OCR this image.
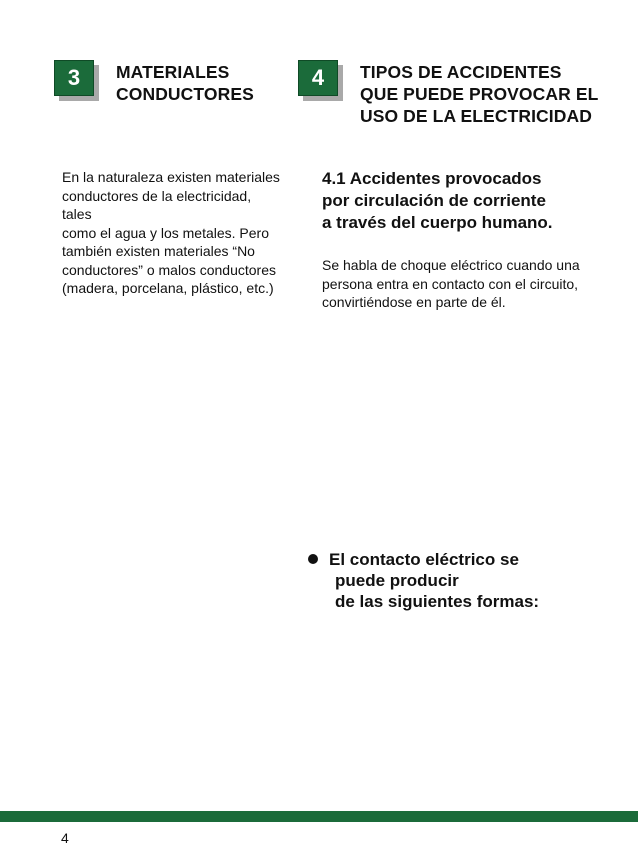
3	MATERIALES
CONDUCTORES
4	TIPOS DE ACCIDENTES
QUE PUEDE PROVOCAR EL
USO DE LA ELECTRICIDAD

En la naturaleza existen materiales
conductores de la electricidad,
tales
como el agua y los metales. Pero
también existen materiales “No
conductores” o malos conductores
(madera, porcelana, plástico, etc.)

4.1 Accidentes provocados
por circulación de corriente
a través del cuerpo humano.

Se habla de choque eléctrico cuando una
persona entra en contacto con el circuito,
convirtiéndose en parte de él.

El contacto eléctrico se
puede producir
de las siguientes formas:

4
